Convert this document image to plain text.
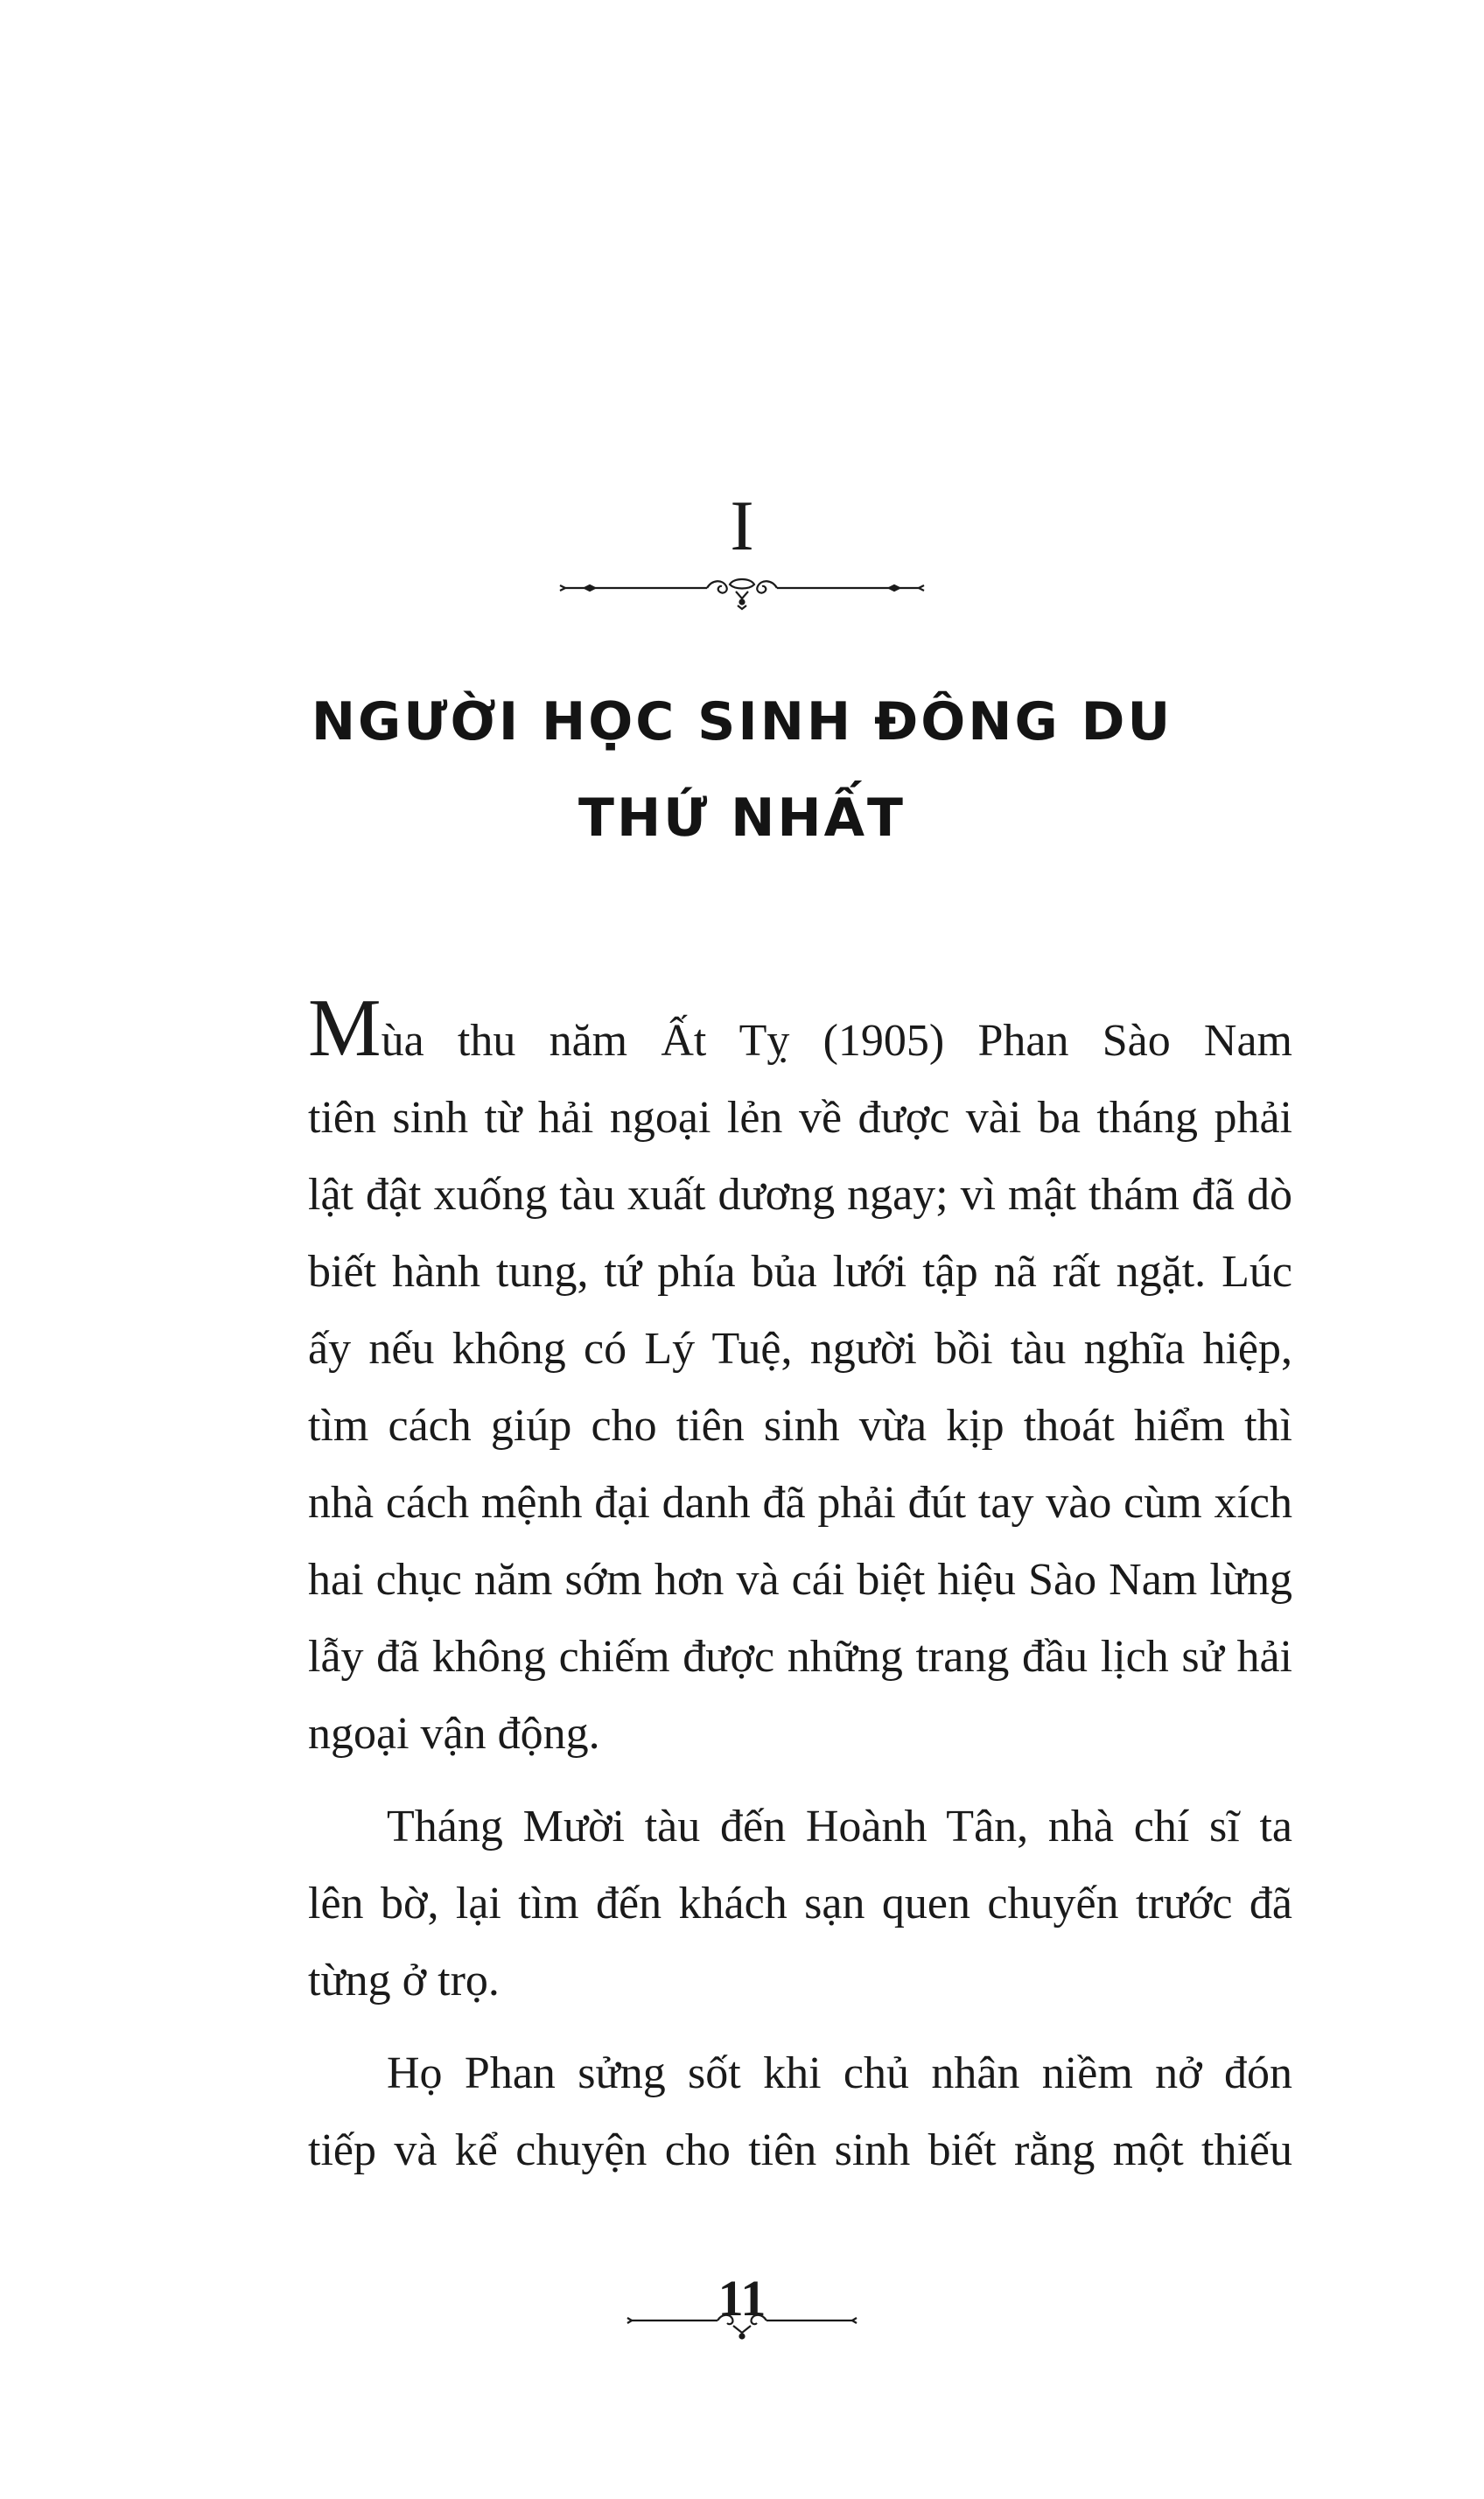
I
NGƯỜI HỌC SINH ĐÔNG DU
THỨ NHẤT

Mùa thu năm Ất Tỵ (1905) Phan Sào Nam
tiên sinh từ hải ngoại lẻn về được vài ba tháng phải
lật đật xuống tàu xuất dương ngay; vì mật thám đã dò
biết hành tung, tứ phía bủa lưới tập nã rất ngặt. Lúc
ấy nếu không có Lý Tuệ, người bồi tàu nghĩa hiệp,
tìm cách giúp cho tiên sinh vừa kịp thoát hiểm thì
nhà cách mệnh đại danh đã phải đút tay vào cùm xích
hai chục năm sớm hơn và cái biệt hiệu Sào Nam lừng
lẫy đã không chiếm được những trang đầu lịch sử hải
ngoại vận động.

Tháng Mười tàu đến Hoành Tân, nhà chí sĩ ta
lên bờ, lại tìm đến khách sạn quen chuyến trước đã
từng ở trọ.

Họ Phan sửng sốt khi chủ nhân niềm nở đón
tiếp và kể chuyện cho tiên sinh biết rằng một thiếu

11
